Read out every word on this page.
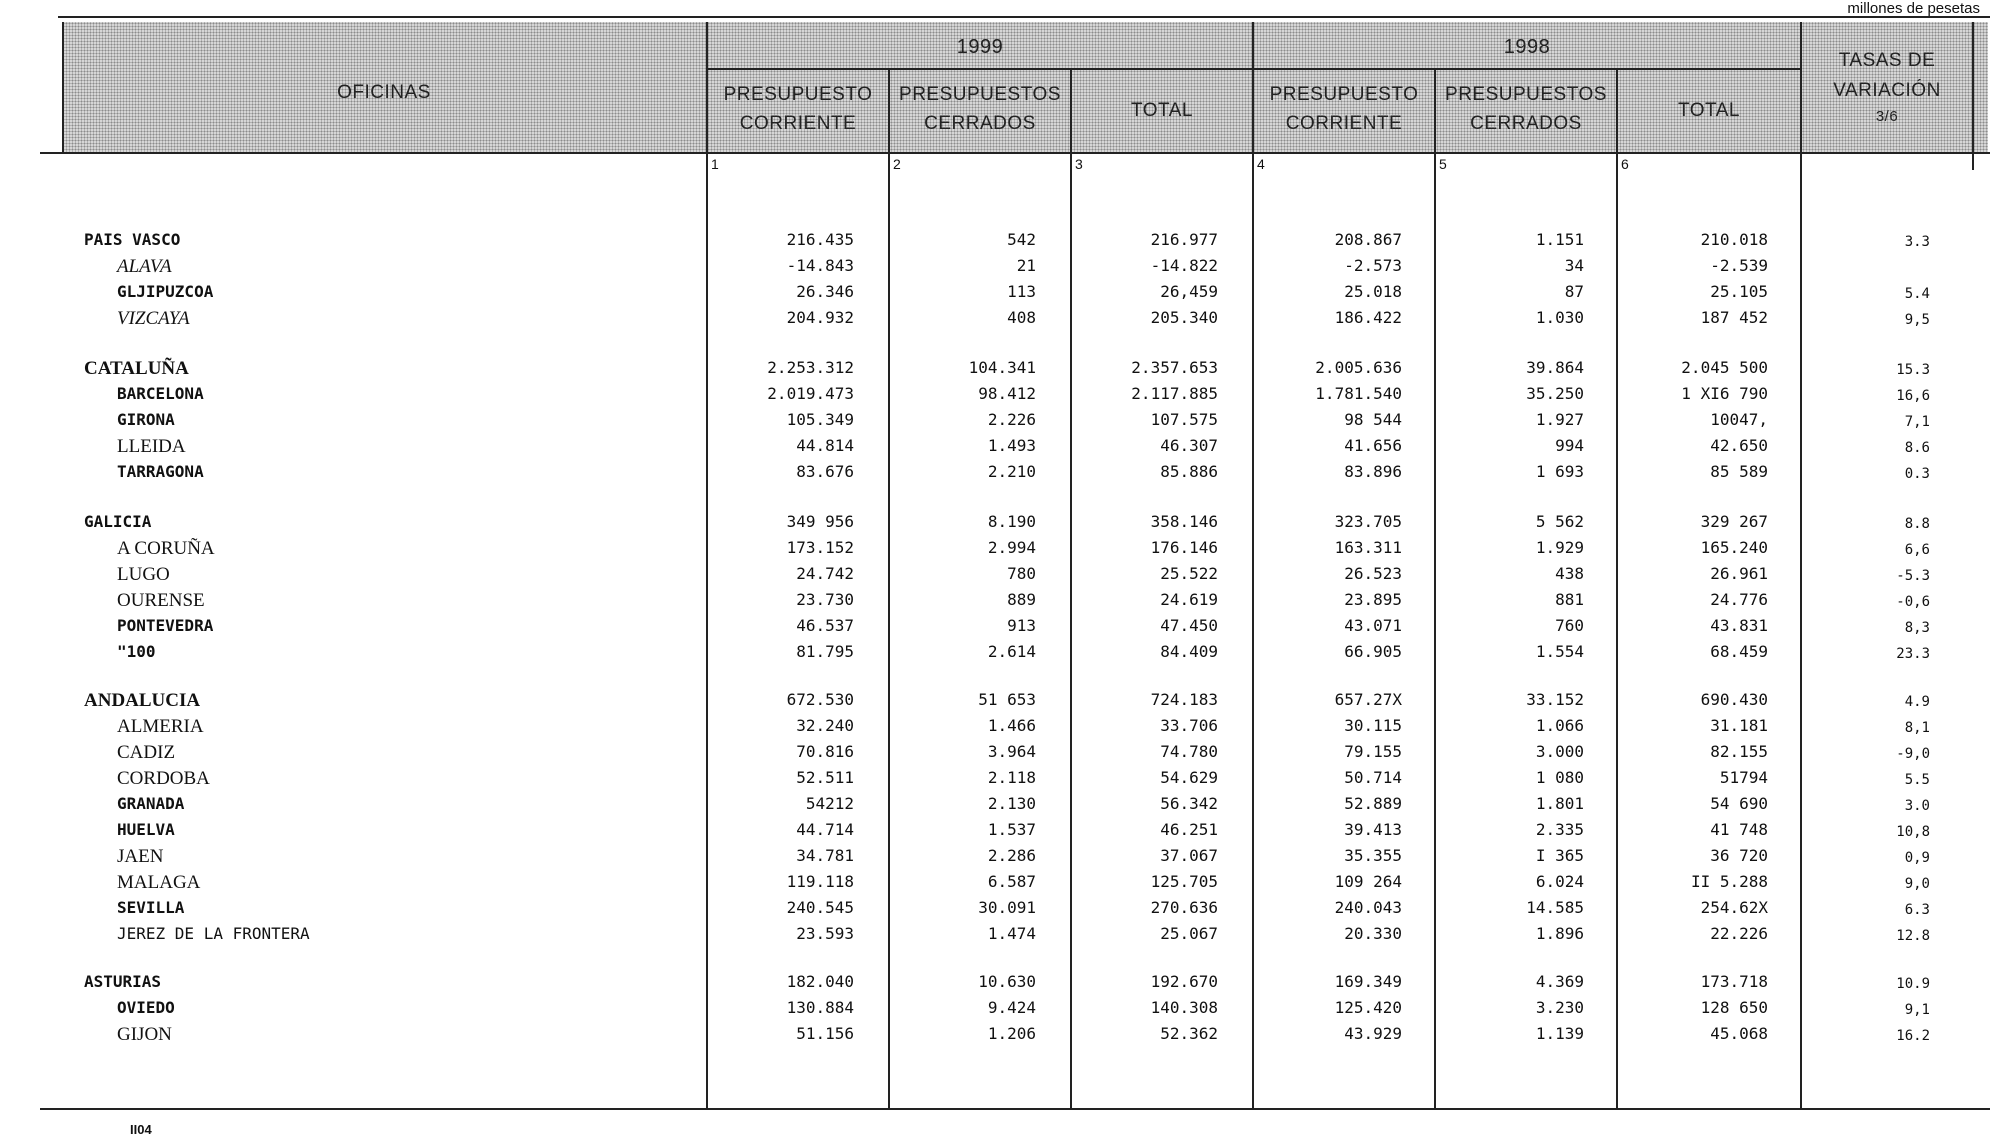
millones de pesetas
OFICINAS
1999	1998
PRESUPUESTO
CORRIENTE
PRESUPUESTOS
CERRADOS
TOTAL
PRESUPUESTO
CORRIENTE
PRESUPUESTOS
CERRADOS
TOTAL
TASAS DE
VARIACIÓN
3/6
1	2	3	4	5	6
PAIS VASCO	216.435	542	216.977	208.867	1.151	210.018	3.3
ALAVA	-14.843	21	-14.822	-2.573	34	-2.539
GLJIPUZCOA	26.346	113	26,459	25.018	87	25.105	5.4
VIZCAYA	204.932	408	205.340	186.422	1.030	187 452	9,5
CATALUÑA	2.253.312	104.341	2.357.653	2.005.636	39.864	2.045 500	15.3
BARCELONA	2.019.473	98.412	2.117.885	1.781.540	35.250	1 XI6 790	16,6
GIRONA	105.349	2.226	107.575	98 544	1.927	10047,	7,1
LLEIDA	44.814	1.493	46.307	41.656	994	42.650	8.6
TARRAGONA	83.676	2.210	85.886	83.896	1 693	85 589	0.3
GALICIA	349 956	8.190	358.146	323.705	5 562	329 267	8.8
A CORUÑA	173.152	2.994	176.146	163.311	1.929	165.240	6,6
LUGO	24.742	780	25.522	26.523	438	26.961	-5.3
OURENSE	23.730	889	24.619	23.895	881	24.776	-0,6
PONTEVEDRA	46.537	913	47.450	43.071	760	43.831	8,3
"100	81.795	2.614	84.409	66.905	1.554	68.459	23.3
ANDALUCIA	672.530	51 653	724.183	657.27X	33.152	690.430	4.9
ALMERIA	32.240	1.466	33.706	30.115	1.066	31.181	8,1
CADIZ	70.816	3.964	74.780	79.155	3.000	82.155	-9,0
CORDOBA	52.511	2.118	54.629	50.714	1 080	51794	5.5
GRANADA	54212	2.130	56.342	52.889	1.801	54 690	3.0
HUELVA	44.714	1.537	46.251	39.413	2.335	41 748	10,8
JAEN	34.781	2.286	37.067	35.355	I 365	36 720	0,9
MALAGA	119.118	6.587	125.705	109 264	6.024	II 5.288	9,0
SEVILLA	240.545	30.091	270.636	240.043	14.585	254.62X	6.3
JEREZ DE LA FRONTERA	23.593	1.474	25.067	20.330	1.896	22.226	12.8
ASTURIAS	182.040	10.630	192.670	169.349	4.369	173.718	10.9
OVIEDO	130.884	9.424	140.308	125.420	3.230	128 650	9,1
GIJON	51.156	1.206	52.362	43.929	1.139	45.068	16.2
II04
